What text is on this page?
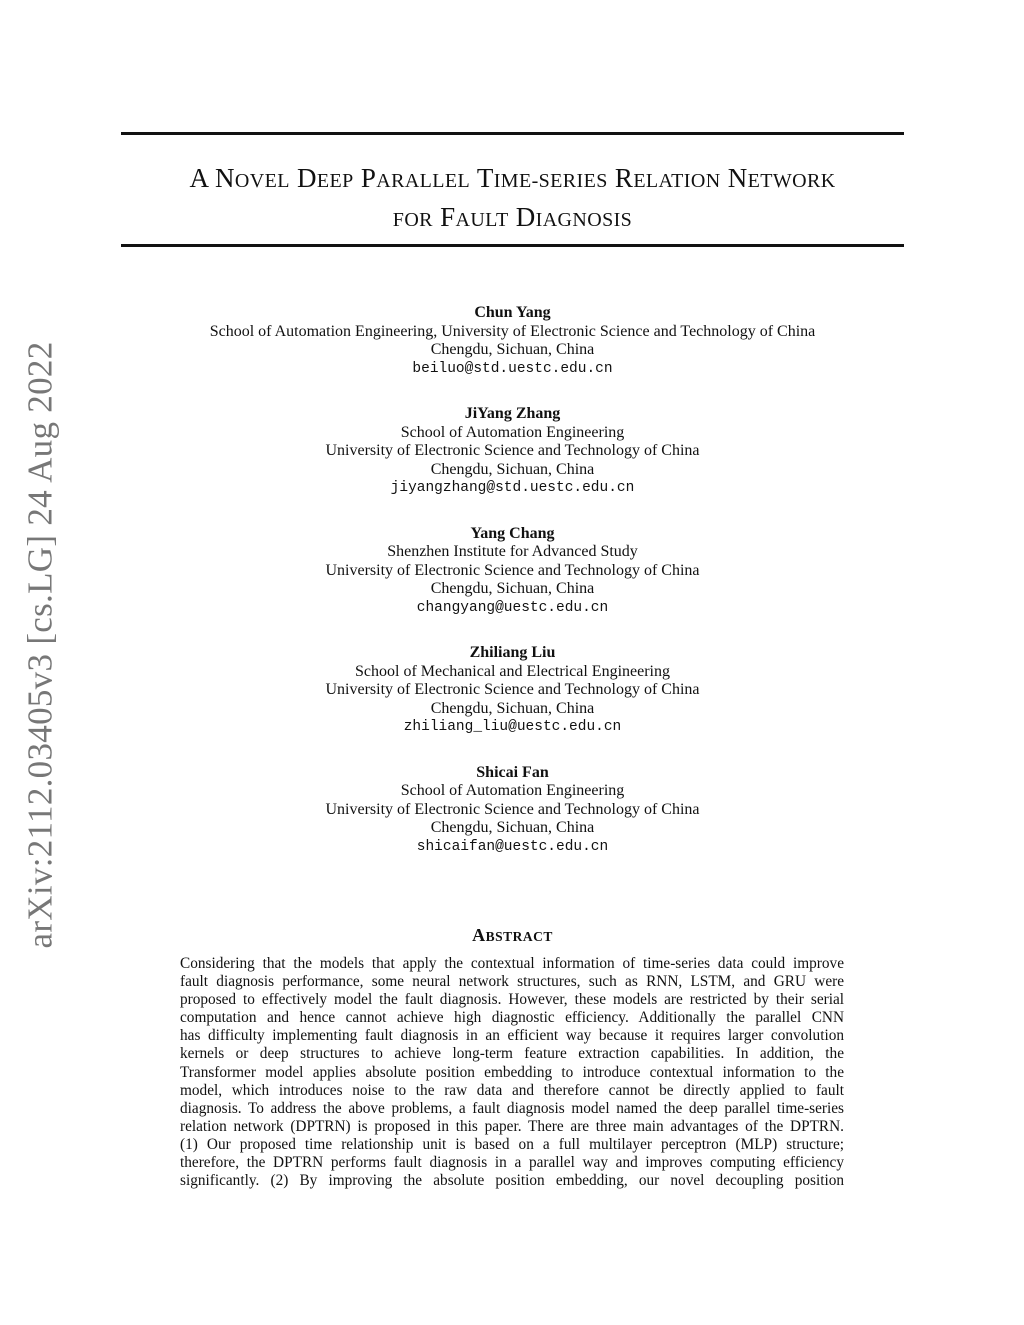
A NOVEL DEEP PARALLEL TIME-SERIES RELATION NETWORK
FOR FAULT DIAGNOSIS
arXiv:2112.03405v3 [cs.LG] 24 Aug 2022
Chun Yang
School of Automation Engineering, University of Electronic Science and Technology of China
Chengdu, Sichuan, China
beiluo@std.uestc.edu.cn
JiYang Zhang
School of Automation Engineering
University of Electronic Science and Technology of China
Chengdu, Sichuan, China
jiyangzhang@std.uestc.edu.cn
Yang Chang
Shenzhen Institute for Advanced Study
University of Electronic Science and Technology of China
Chengdu, Sichuan, China
changyang@uestc.edu.cn
Zhiliang Liu
School of Mechanical and Electrical Engineering
University of Electronic Science and Technology of China
Chengdu, Sichuan, China
zhiliang_liu@uestc.edu.cn
Shicai Fan
School of Automation Engineering
University of Electronic Science and Technology of China
Chengdu, Sichuan, China
shicaifan@uestc.edu.cn
ABSTRACT
Considering that the models that apply the contextual information of time-series data could improve
fault diagnosis performance, some neural network structures, such as RNN, LSTM, and GRU were
proposed to effectively model the fault diagnosis. However, these models are restricted by their serial
computation and hence cannot achieve high diagnostic efficiency. Additionally the parallel CNN
has difficulty implementing fault diagnosis in an efficient way because it requires larger convolution
kernels or deep structures to achieve long-term feature extraction capabilities. In addition, the
Transformer model applies absolute position embedding to introduce contextual information to the
model, which introduces noise to the raw data and therefore cannot be directly applied to fault
diagnosis. To address the above problems, a fault diagnosis model named the deep parallel time-series
relation network (DPTRN) is proposed in this paper. There are three main advantages of the DPTRN.
(1) Our proposed time relationship unit is based on a full multilayer perceptron (MLP) structure;
therefore, the DPTRN performs fault diagnosis in a parallel way and improves computing efficiency
significantly. (2) By improving the absolute position embedding, our novel decoupling position
